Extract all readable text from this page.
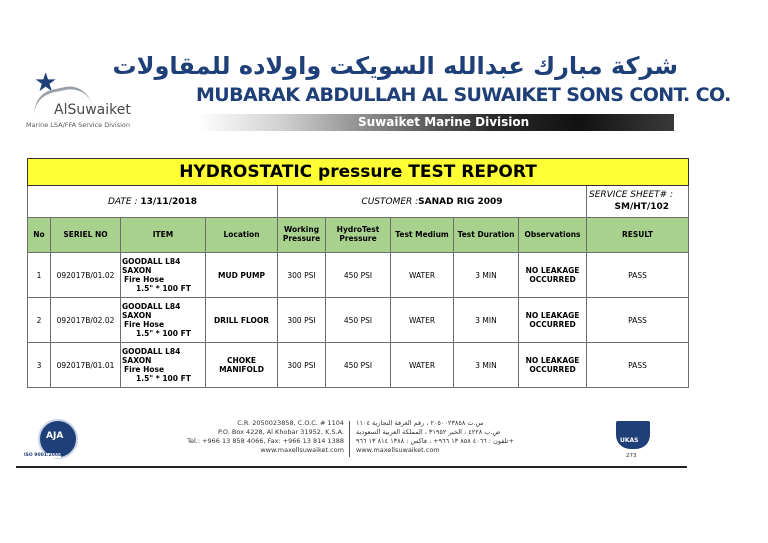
★
AlSuwaiket
Marine LSA/FFA Service Division
شركة مبارك عبدالله السويكت واولاده للمقاولات
MUBARAK ABDULLAH AL SUWAIKET SONS CONT. CO.
Suwaiket Marine Division
HYDROSTATIC pressure TEST REPORT									
DATE : 13/11/2018				CUSTOMER :SANAD RIG 2009					SERVICE SHEET# :
SM/HT/102

No	SERIEL NO	ITEM	Location	Working Pressure	HydroTest Pressure	Test Medium	Test Duration	Observations	RESULT
1	092017B/01.02	GOODALL L84 SAXON
Fire Hose
1.5" * 100 FT	MUD PUMP	300 PSI	450 PSI	WATER	3 MIN	NO LEAKAGE OCCURRED	PASS
2	092017B/02.02	GOODALL L84 SAXON
Fire Hose
1.5" * 100 FT	DRILL FLOOR	300 PSI	450 PSI	WATER	3 MIN	NO LEAKAGE OCCURRED	PASS
3	092017B/01.01	GOODALL L84 SAXON
Fire Hose
1.5" * 100 FT	CHOKE MANIFOLD	300 PSI	450 PSI	WATER	3 MIN	NO LEAKAGE OCCURRED	PASS
AJA
ISO 9001:2008
C.R. 2050023858, C.O.C. # 1104
P.O. Box 4228, Al Khobar 31952, K.S.A.
Tel.: +966 13 858 4066, Fax: +966 13 814 1388
www.maxellsuwaiket.com
س.ت ٢٠٥٠٠٢٣٨٥٨ ، رقم الغرفة التجارية ١١٠٤
ص.ب ٤٢٢٨ ، الخبر ٣١٩٥٢ ، المملكة العربية السعودية
تلفون : ٤٠٦٦ ٨٥٨ ١٣ ٩٦٦+ ، فاكس : ١٣٨٨ ٨١٤ ١٣ ٩٦٦+
www.maxellsuwaiket.com
UKAS
273
